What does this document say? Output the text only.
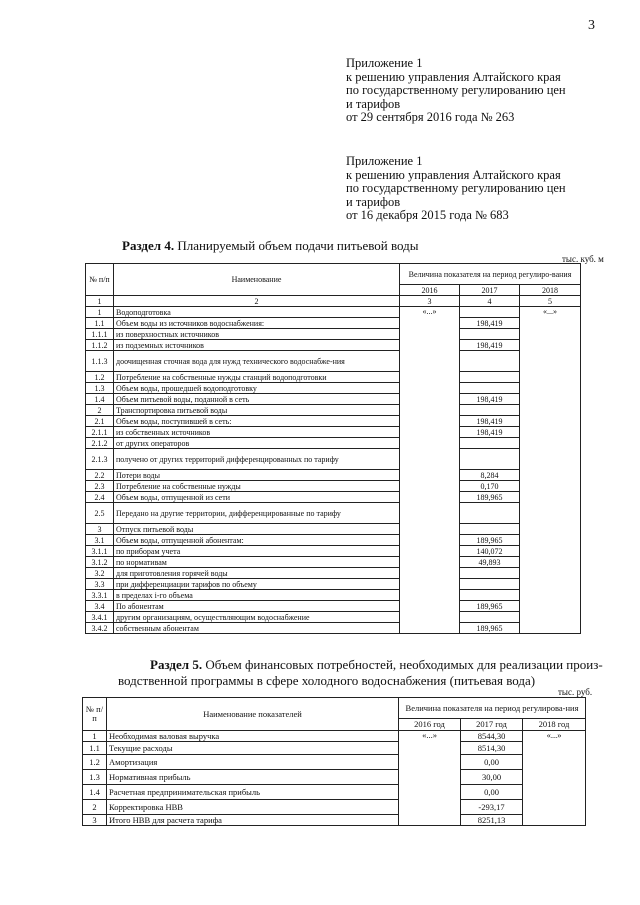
3
Приложение 1
к решению управления Алтайского края
по государственному регулированию цен
и тарифов
от 29 сентября 2016 года № 263
Приложение 1
к решению управления Алтайского края
по государственному регулированию цен
и тарифов
от 16 декабря 2015 года № 683
Раздел 4. Планируемый объем подачи питьевой воды
тыс. куб. м
№ п/п	Наименование	Величина показателя на период регулиро-вания		
		2016	2017	2018
1	2	3	4	5
1	Водоподготовка	«...»		«...»
1.1	Объем воды из источников водоснабжения:		198,419	
1.1.1	из поверхностных источников			
1.1.2	из подземных источников		198,419	
1.1.3	доочищенная сточная вода для нужд технического водоснабже-ния			
1.2	Потребление на собственные нужды станций водоподготовки			
1.3	Объем воды, прошедшей водоподготовку			
1.4	Объем питьевой воды, поданной в сеть		198,419	
2	Транспортировка питьевой воды			
2.1	Объем воды, поступившей в сеть:		198,419	
2.1.1	из собственных источников		198,419	
2.1.2	от других операторов			
2.1.3	получено от других территорий дифференцированных по тарифу			
2.2	Потери воды		8,284	
2.3	Потребление на собственные нужды		0,170	
2.4	Объем воды, отпущенной из сети		189,965	
2.5	Передано на другие территории, дифференцированные по тарифу			
3	Отпуск питьевой воды			
3.1	Объем воды, отпущенной абонентам:		189,965	
3.1.1	по приборам учета		140,072	
3.1.2	по нормативам		49,893	
3.2	для приготовления горячей воды			
3.3	при дифференциации тарифов по объему			
3.3.1	в пределах i-го объема			
3.4	По абонентам		189,965	
3.4.1	другим организациям, осуществляющим водоснабжение			
3.4.2	собственным абонентам		189,965	
Раздел 5. Объем финансовых потребностей, необходимых для реализации произ-
водственной программы в сфере холодного водоснабжения (питьевая вода)
тыс. руб.
№ п/ п	Наименование показателей	Величина показателя на период регулирова-ния		
		2016 год	2017 год	2018 год
1	Необходимая валовая выручка	«...»	8544,30	«...»
1.1	Текущие расходы		8514,30	
1.2	Амортизация		0,00	
1.3	Нормативная прибыль		30,00	
1.4	Расчетная предпринимательская прибыль		0,00	
2	Корректировка НВВ		-293,17	
3	Итого НВВ для расчета тарифа		8251,13	
